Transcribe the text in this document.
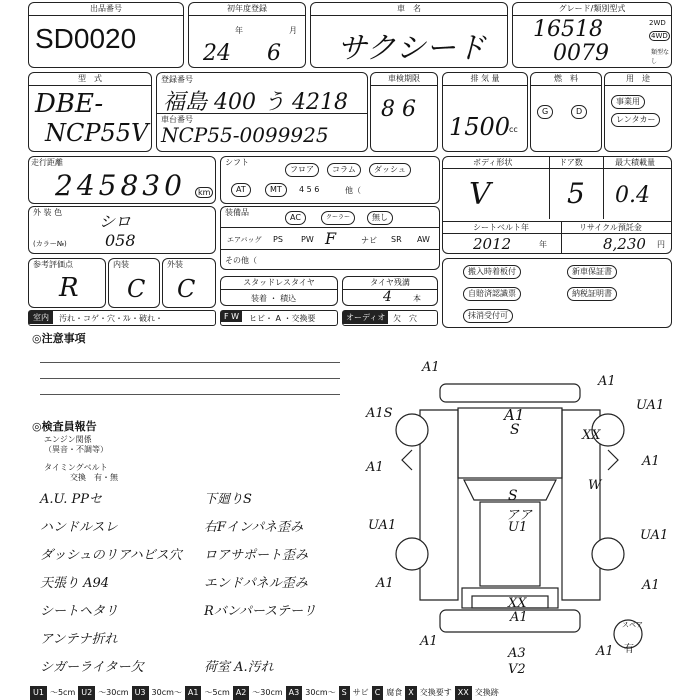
出品番号
SD0020
初年度登録
24
年
6
月
車　名
サクシード
グレード/類別型式
16518
0079
2WD
4WD
類型なし
型　式
DBE-
NCP55V
登録番号
福島 400 う 4218
車台番号
NCP55-0099925
車検期限
8 6
排 気 量
1500
cc
燃　料
G	D
用　途
事業用
レンタカー
走行距離
245830	km
シフト
フロア	コラム	ダッシュ
AT	MT	4 5 6	他（
ボディ形状	ドア数	最大積載量
V	5 0.4
シートベルト年	リサイクル預託金
2012	年	8,230 円
外 装 色 シロ
(カラー№) 058
装備品
AC	クーラー	無し
エアバッグ PS PW F	ナビ SR AW
その他（
参考評価点
R
内装
C
外装
C	スタッドレスタイヤ
装着 ・ 積込
タイヤ残溝
4	本
搬入時着板付	新車保証書
自賠済認識票	納税証明書
抹消受付可
室内	汚れ・コゲ・穴・ｽﾚ・破れ・	F W	ヒビ・ A ・交換要	オーディオ 欠　穴
◎注意事項
◎検査員報告
エンジン関係
（異音・不調等）
タイミングベルト
交換　有・無
A.U. PPセ	下廻りS
ハンドルスレ	右Fインパネ歪み
ダッシュのリアハビス穴 ロアサポート歪み
天張り A94	エンドパネル歪み
シートヘタリ	Rバンパーステーリ
アンテナ折れ
シガーライター欠	荷室 A.汚れ
A1
A1
A1S
A1
UA1
A1
XX
A1
S
UA1
W
A1
UA1
S
アア
U1
A1
XX
A1
A1
A1
A3
V2
スペア
有
U1 ～5cm U2 ～30cm U3 30cm～ A1 ～5cm A2 ～30cm A3 30cm～ S サビ C 腐食 X 交換要す XX 交換跡
